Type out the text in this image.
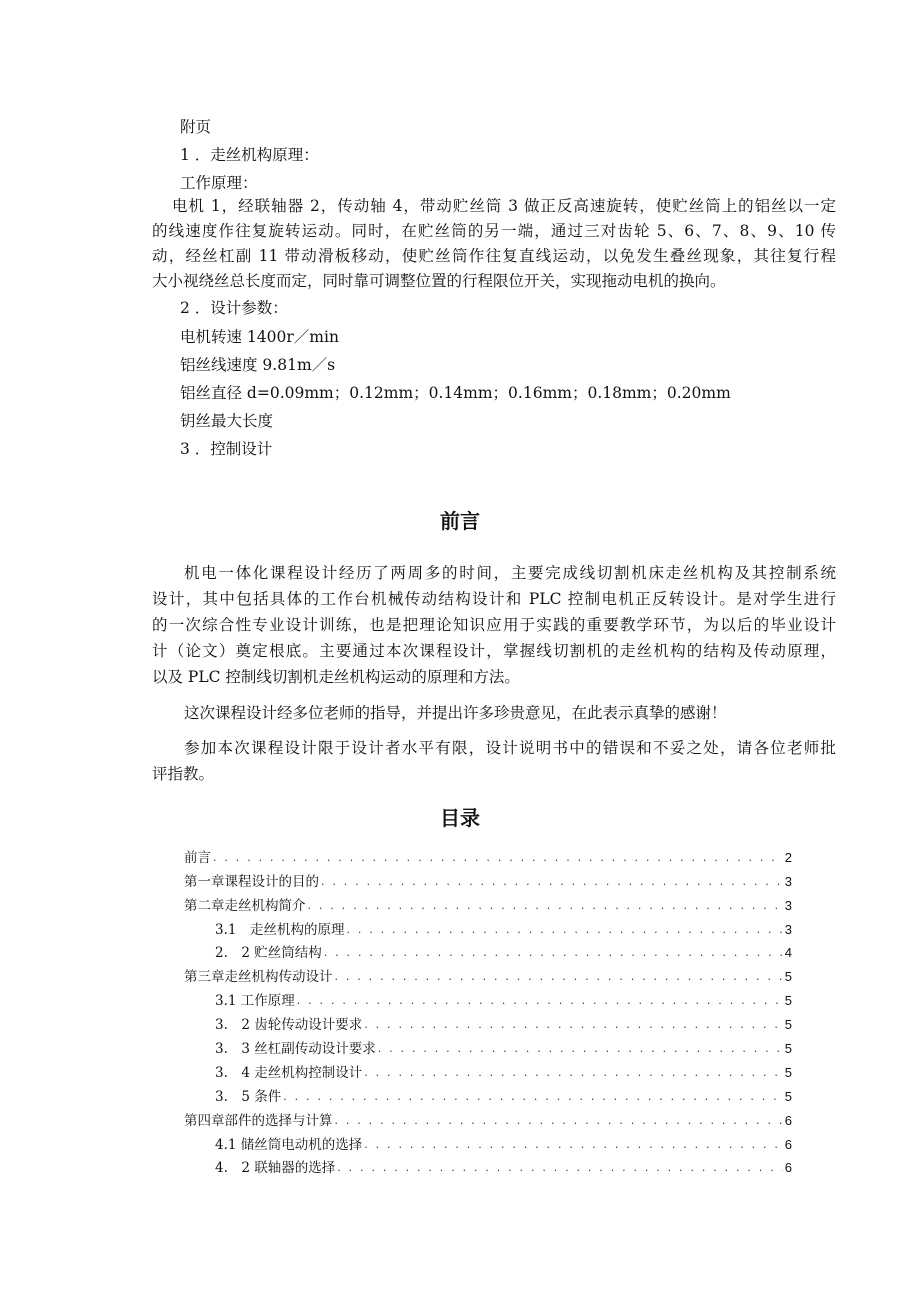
附页

1 ．走丝机构原理：

工作原理：

电机 1，经联轴器 2，传动轴 4，带动贮丝筒 3 做正反高速旋转，使贮丝筒上的铝丝以一定

的线速度作往复旋转运动。同时，在贮丝筒的另一端，通过三对齿轮 5、6、7、8、9、10 传

动，经丝杠副 11 带动滑板移动，使贮丝筒作往复直线运动，以免发生叠丝现象，其往复行程

大小视绕丝总长度而定，同时靠可调整位置的行程限位开关，实现拖动电机的换向。

2 ．设计参数：

电机转速 1400r／min

铝丝线速度 9.81m／s

铝丝直径 d=0.09mm；0.12mm；0.14mm；0.16mm；0.18mm；0.20mm

钥丝最大长度

3 ．控制设计

前言

机电一体化课程设计经历了两周多的时间，主要完成线切割机床走丝机构及其控制系统

设计，其中包括具体的工作台机械传动结构设计和 PLC 控制电机正反转设计。是对学生进行

的一次综合性专业设计训练，也是把理论知识应用于实践的重要教学环节，为以后的毕业设计

计（论文）奠定根底。主要通过本次课程设计，掌握线切割机的走丝机构的结构及传动原理，

以及 PLC 控制线切割机走丝机构运动的原理和方法。

这次课程设计经多位老师的指导，并提出许多珍贵意见，在此表示真挚的感谢！

参加本次课程设计限于设计者水平有限，设计说明书中的错误和不妥之处，请各位老师批

评指教。

目录
前言 . . .	2
第一章课程设计的目的 . . .	3
第二章走丝机构简介 . . .	3
3.1　走丝机构的原理 . . .	3
2.　2 贮丝筒结构 . . .	4
第三章走丝机构传动设计 . . .	5
3.1 工作原理 . . .	5
3.　2 齿轮传动设计要求 . . .	5
3.　3 丝杠副传动设计要求 . . .	5
3.　4 走丝机构控制设计 . . .	5
3.　5 条件 . . .	5
第四章部件的选择与计算 . . .	6
4.1 储丝筒电动机的选择 . . .	6
4.　2 联轴器的选择 . . .	6
